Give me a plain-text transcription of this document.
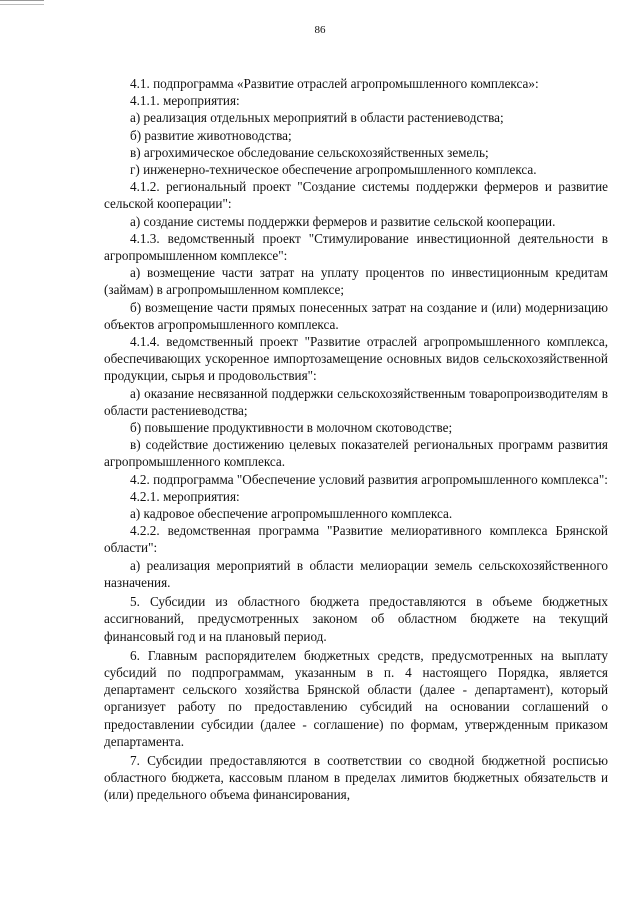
86

4.1. подпрограмма «Развитие отраслей агропромышленного комплекса»:

4.1.1. мероприятия:

а) реализация отдельных мероприятий в области растениеводства;

б) развитие животноводства;

в) агрохимическое обследование сельскохозяйственных земель;

г) инженерно-техническое обеспечение агропромышленного комплекса.

4.1.2. региональный проект "Создание системы поддержки фермеров и развитие сельской кооперации":

а) создание системы поддержки фермеров и развитие сельской кооперации.

4.1.3. ведомственный проект "Стимулирование инвестиционной деятельности в агропромышленном комплексе":

а) возмещение части затрат на уплату процентов по инвестиционным кредитам (займам) в агропромышленном комплексе;

б) возмещение части прямых понесенных затрат на создание и (или) модернизацию объектов агропромышленного комплекса.

4.1.4. ведомственный проект "Развитие отраслей агропромышленного комплекса, обеспечивающих ускоренное импортозамещение основных видов сельскохозяйственной продукции, сырья и продовольствия":

а) оказание несвязанной поддержки сельскохозяйственным товаропроизводителям в области растениеводства;

б) повышение продуктивности в молочном скотоводстве;

в) содействие достижению целевых показателей региональных программ развития агропромышленного комплекса.

4.2. подпрограмма "Обеспечение условий развития агропромышленного комплекса":

4.2.1. мероприятия:

а) кадровое обеспечение агропромышленного комплекса.

4.2.2. ведомственная программа "Развитие мелиоративного комплекса Брянской области":

а) реализация мероприятий в области мелиорации земель сельскохозяйственного назначения.

5. Субсидии из областного бюджета предоставляются в объеме бюджетных ассигнований, предусмотренных законом об областном бюджете на текущий финансовый год и на плановый период.

6. Главным распорядителем бюджетных средств, предусмотренных на выплату субсидий по подпрограммам, указанным в п. 4 настоящего Порядка, является департамент сельского хозяйства Брянской области (далее - департамент), который организует работу по предоставлению субсидий на основании соглашений о предоставлении субсидии (далее - соглашение) по формам, утвержденным приказом департамента.

7. Субсидии предоставляются в соответствии со сводной бюджетной росписью областного бюджета, кассовым планом в пределах лимитов бюджетных обязательств и (или) предельного объема финансирования,
